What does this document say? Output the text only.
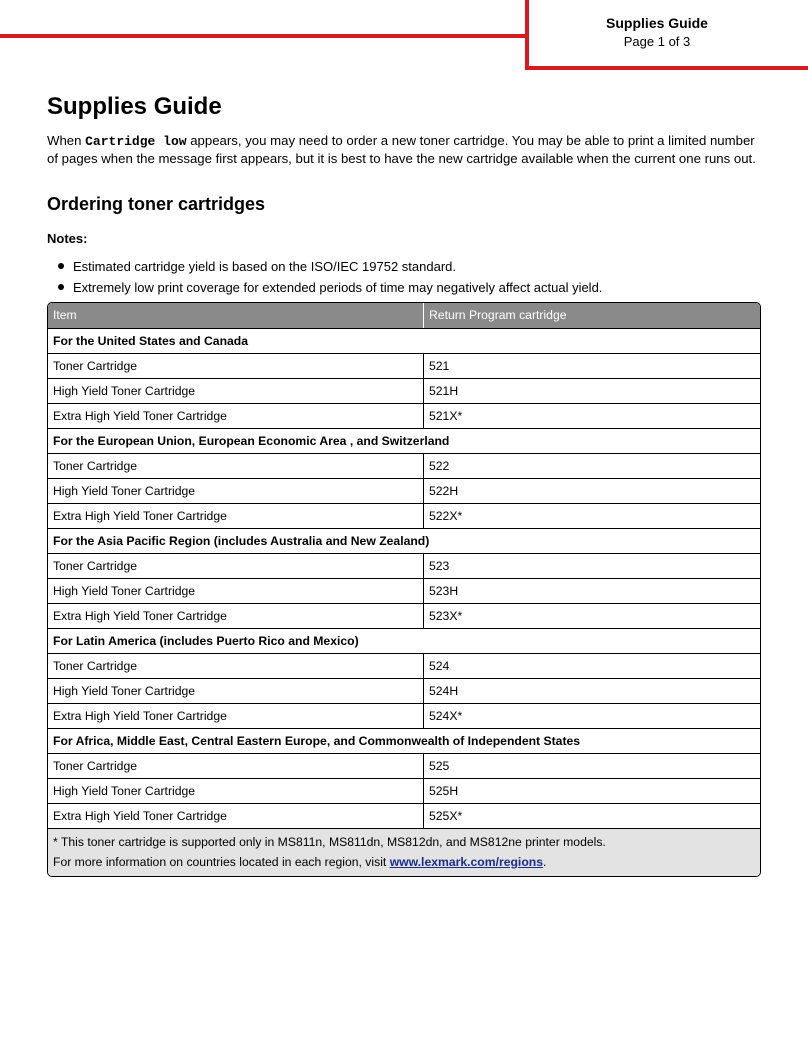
Supplies Guide
Page 1 of 3
Supplies Guide

When Cartridge low appears, you may need to order a new toner cartridge. You may be able to print a limited number of pages when the message first appears, but it is best to have the new cartridge available when the current one runs out.

Ordering toner cartridges

Notes:

Estimated cartridge yield is based on the ISO/IEC 19752 standard.
Extremely low print coverage for extended periods of time may negatively affect actual yield.
Item	Return Program cartridge
For the United States and Canada
Toner Cartridge	521
High Yield Toner Cartridge	521H
Extra High Yield Toner Cartridge	521X*
For the European Union, European Economic Area , and Switzerland
Toner Cartridge	522
High Yield Toner Cartridge	522H
Extra High Yield Toner Cartridge	522X*
For the Asia Pacific Region (includes Australia and New Zealand)
Toner Cartridge	523
High Yield Toner Cartridge	523H
Extra High Yield Toner Cartridge	523X*
For Latin America (includes Puerto Rico and Mexico)
Toner Cartridge	524
High Yield Toner Cartridge	524H
Extra High Yield Toner Cartridge	524X*
For Africa, Middle East, Central Eastern Europe, and Commonwealth of Independent States
Toner Cartridge	525
High Yield Toner Cartridge	525H
Extra High Yield Toner Cartridge	525X*
* This toner cartridge is supported only in MS811n, MS811dn, MS812dn, and MS812ne printer models.
For more information on countries located in each region, visit www.lexmark.com/regions.
